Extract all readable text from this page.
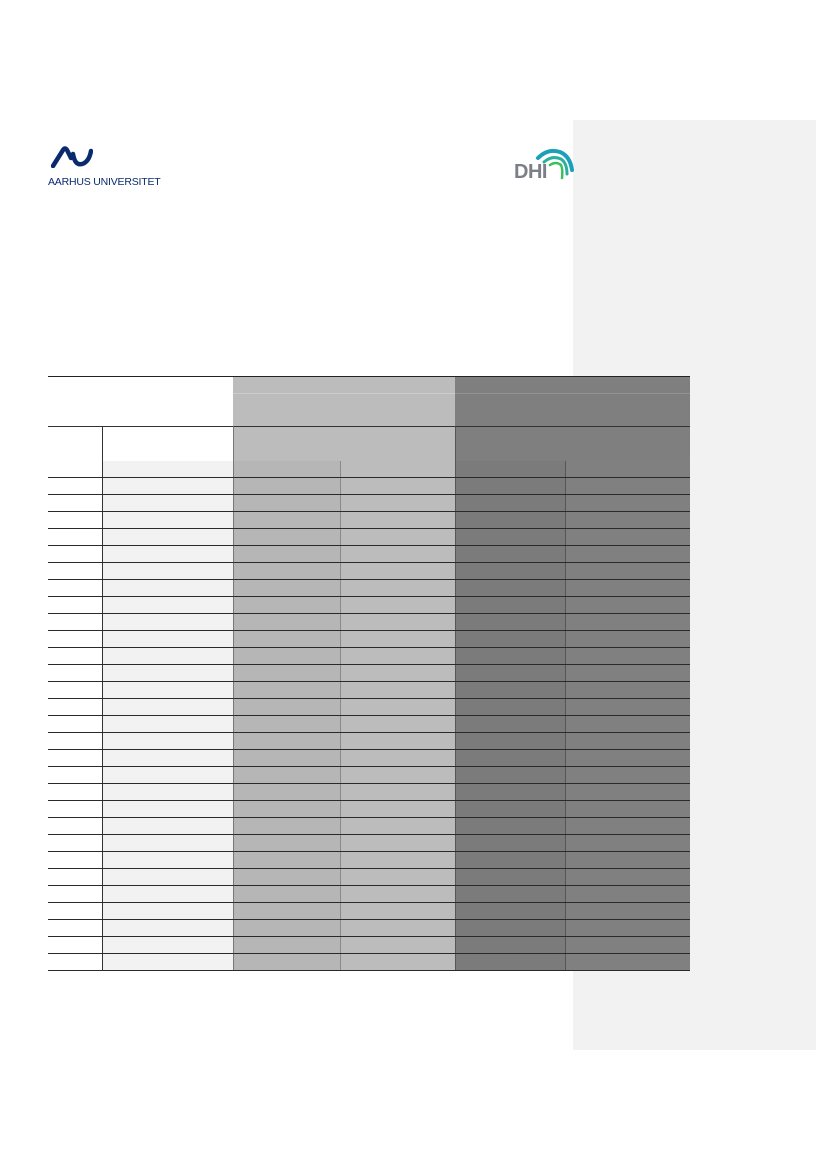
AARHUS UNIVERSITET	DHI
